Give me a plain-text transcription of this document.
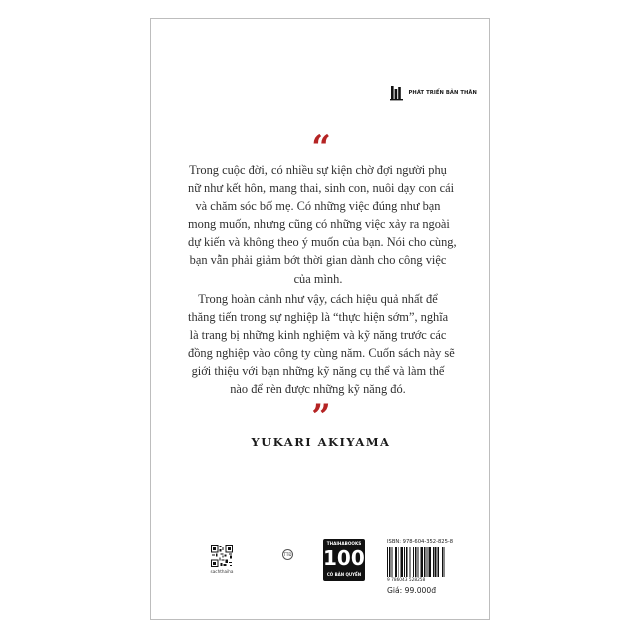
PHÁT TRIỂN BẢN THÂN
“

Trong cuộc đời, có nhiều sự kiện chờ đợi người phụ
nữ như kết hôn, mang thai, sinh con, nuôi dạy con cái
và chăm sóc bố mẹ. Có những việc đúng như bạn
mong muốn, nhưng cũng có những việc xảy ra ngoài
dự kiến và không theo ý muốn của bạn. Nói cho cùng,
bạn vẫn phải giảm bớt thời gian dành cho công việc
của mình.

Trong hoàn cảnh như vậy, cách hiệu quả nhất để
thăng tiến trong sự nghiệp là “thực hiện sớm”, nghĩa
là trang bị những kinh nghiệm và kỹ năng trước các
đồng nghiệp vào công ty cùng năm. Cuốn sách này sẽ
giới thiệu với bạn những kỹ năng cụ thể và làm thế
nào để rèn được những kỹ năng đó.

”
YUKARI AKIYAMA
sachthaiha
TTĐ
THAIHABOOKS
100%
CÓ BẢN QUYỀN
ISBN: 978-604-352-825-8
9 786043 528258
Giá: 99.000đ
